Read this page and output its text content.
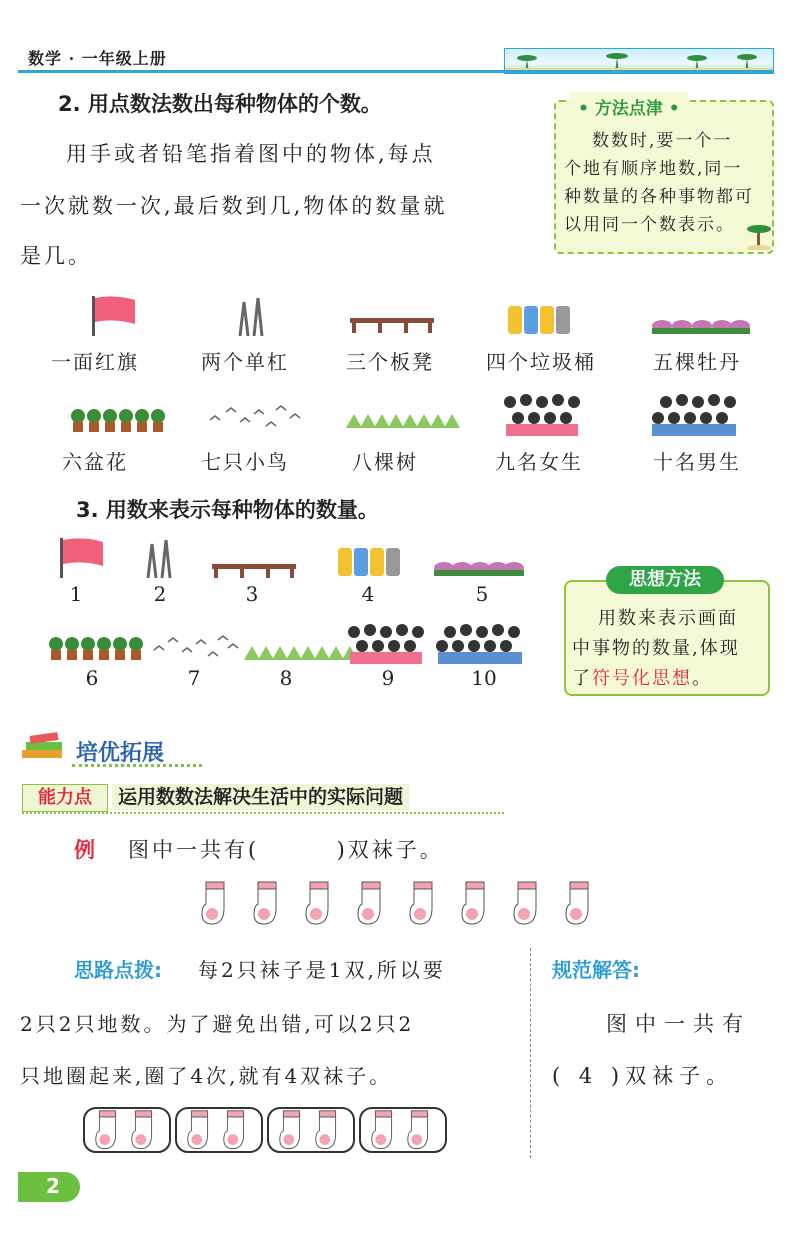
数学 · 一年级上册
2. 用点数法数出每种物体的个数。
用手或者铅笔指着图中的物体,每点
一次就数一次,最后数到几,物体的数量就
是几。
• 方法点津 •
数数时,要一个一
个地有顺序地数,同一
种数量的各种事物都可
以用同一个数表示。
一面红旗	两个单杠	三个板凳	四个垃圾桶	五棵牡丹
六盆花	七只小鸟	八棵树	九名女生	十名男生
3. 用数来表示每种物体的数量。
1	2	3	4	5
6	7	8	9	10
思想方法
用数来表示画面
中事物的数量,体现
了符号化思想。
培优拓展
能力点	运用数数法解决生活中的实际问题
例 图中一共有(        )双袜子。
思路点拨: 每2只袜子是1双,所以要
2只2只地数。为了避免出错,可以2只2
只地圈起来,圈了4次,就有4双袜子。
规范解答:
图中一共有
( 4 )双袜子。
2
